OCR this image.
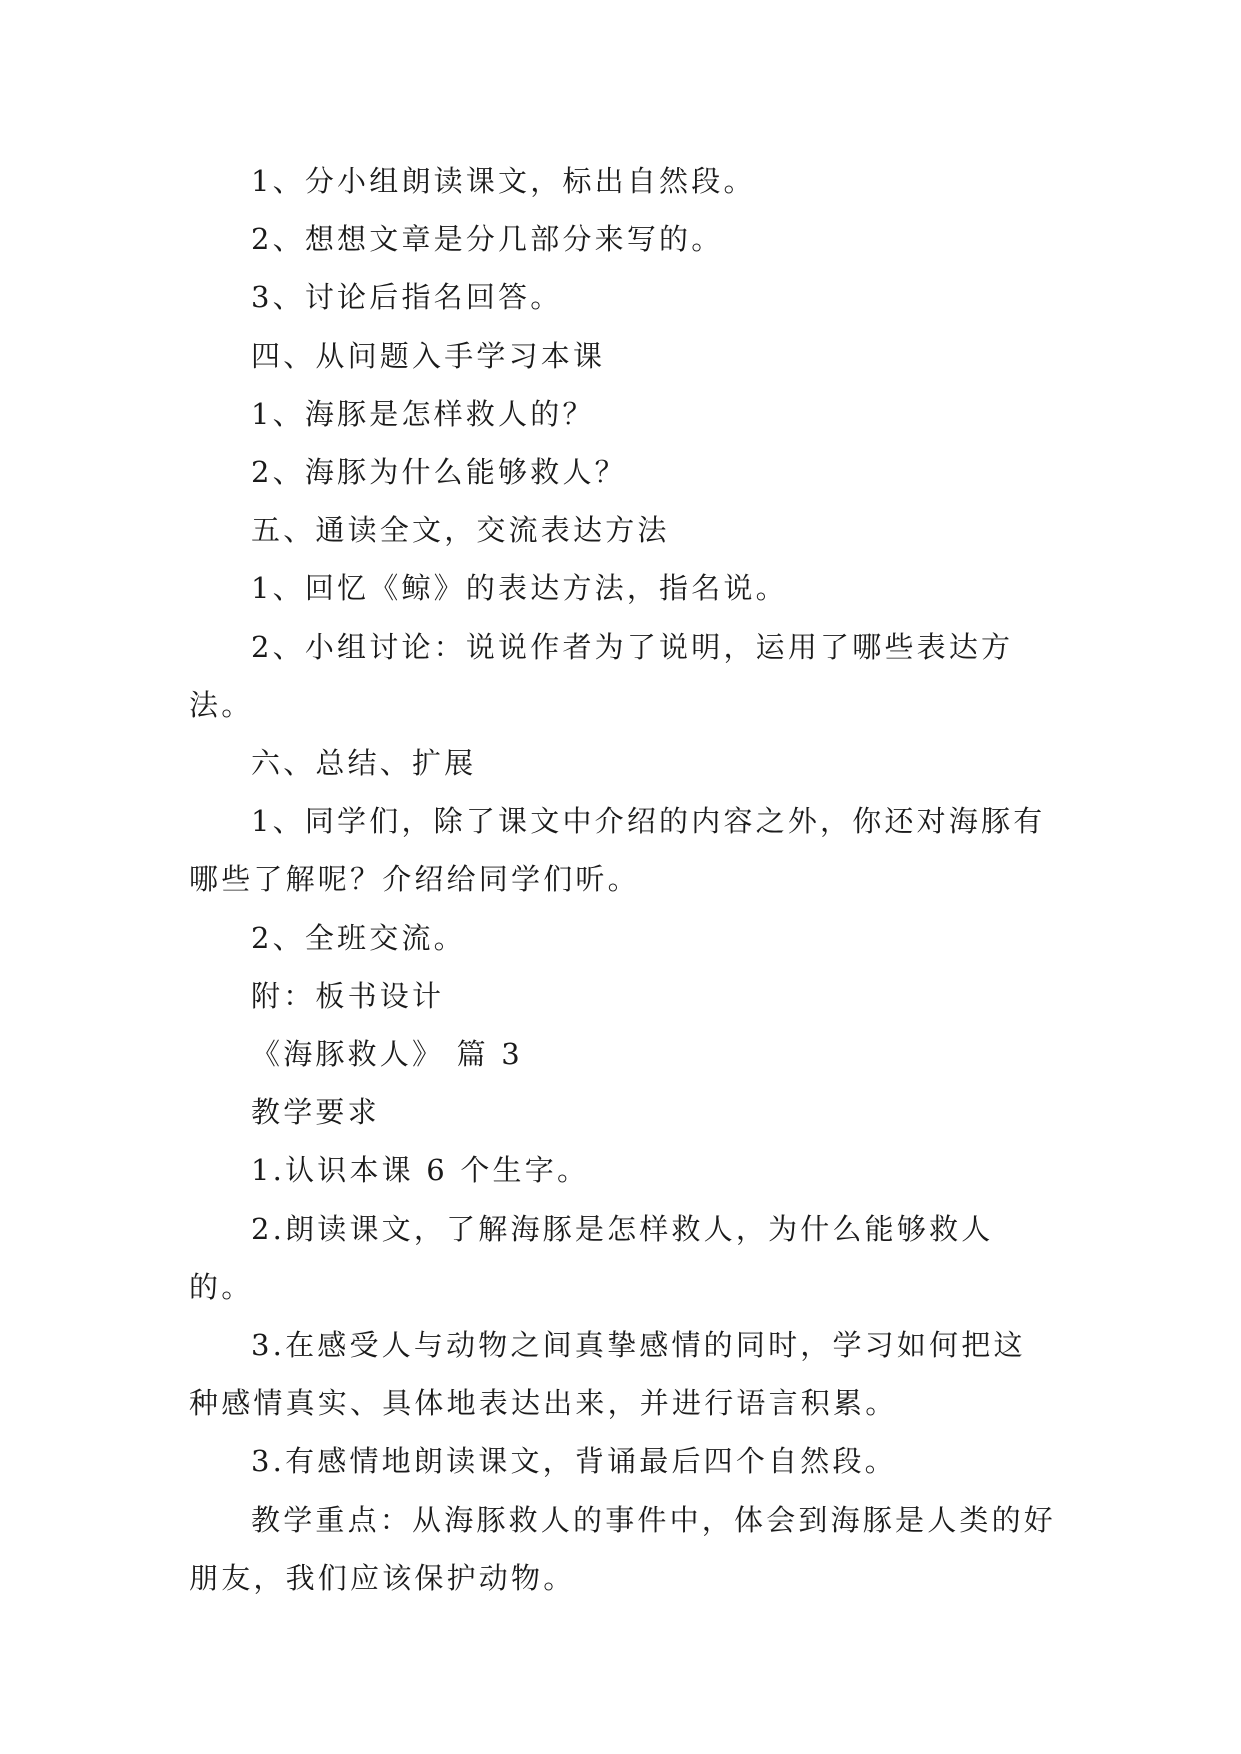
1、分小组朗读课文，标出自然段。

2、想想文章是分几部分来写的。

3、讨论后指名回答。

四、从问题入手学习本课

1、海豚是怎样救人的？

2、海豚为什么能够救人？

五、通读全文，交流表达方法

1、回忆《鲸》的表达方法，指名说。

2、小组讨论：说说作者为了说明，运用了哪些表达方法。

六、总结、扩展

1、同学们，除了课文中介绍的内容之外，你还对海豚有哪些了解呢？介绍给同学们听。

2、全班交流。

附：板书设计

《海豚救人》 篇 3

教学要求

1.认识本课 6 个生字。

2.朗读课文，了解海豚是怎样救人，为什么能够救人的。

3.在感受人与动物之间真挚感情的同时，学习如何把这种感情真实、具体地表达出来，并进行语言积累。

3.有感情地朗读课文，背诵最后四个自然段。

教学重点：从海豚救人的事件中，体会到海豚是人类的好朋友，我们应该保护动物。
